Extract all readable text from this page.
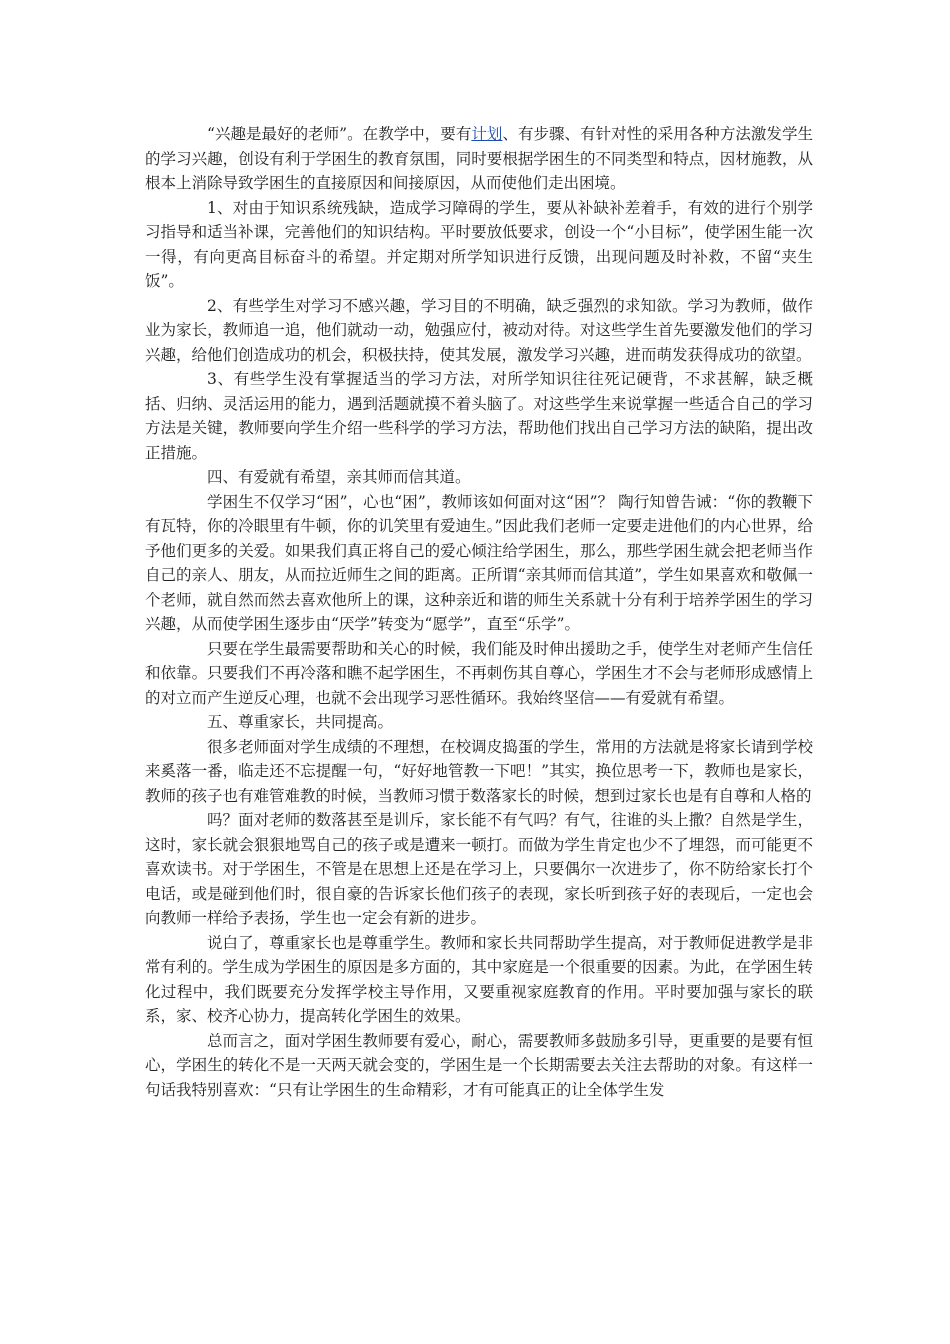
“兴趣是最好的老师”。在教学中，要有计划、有步骤、有针对性的采用各种方法激发学生的学习兴趣，创设有利于学困生的教育氛围，同时要根据学困生的不同类型和特点，因材施教，从根本上消除导致学困生的直接原因和间接原因，从而使他们走出困境。

1、对由于知识系统残缺，造成学习障碍的学生，要从补缺补差着手，有效的进行个别学习指导和适当补课，完善他们的知识结构。平时要放低要求，创设一个“小目标”，使学困生能一次一得，有向更高目标奋斗的希望。并定期对所学知识进行反馈，出现问题及时补救，不留“夹生饭”。

2、有些学生对学习不感兴趣，学习目的不明确，缺乏强烈的求知欲。学习为教师，做作业为家长，教师追一追，他们就动一动，勉强应付，被动对待。对这些学生首先要激发他们的学习兴趣，给他们创造成功的机会，积极扶持，使其发展，激发学习兴趣，进而萌发获得成功的欲望。

3、有些学生没有掌握适当的学习方法，对所学知识往往死记硬背，不求甚解，缺乏概括、归纳、灵活运用的能力，遇到活题就摸不着头脑了。对这些学生来说掌握一些适合自己的学习方法是关键，教师要向学生介绍一些科学的学习方法，帮助他们找出自己学习方法的缺陷，提出改正措施。

四、有爱就有希望，亲其师而信其道。

学困生不仅学习“困”，心也“困”，教师该如何面对这“困”？ 陶行知曾告诫：“你的教鞭下有瓦特，你的冷眼里有牛顿，你的讥笑里有爱迪生。”因此我们老师一定要走进他们的内心世界，给予他们更多的关爱。如果我们真正将自己的爱心倾注给学困生，那么，那些学困生就会把老师当作自己的亲人、朋友，从而拉近师生之间的距离。正所谓“亲其师而信其道”，学生如果喜欢和敬佩一个老师，就自然而然去喜欢他所上的课，这种亲近和谐的师生关系就十分有利于培养学困生的学习兴趣，从而使学困生逐步由“厌学”转变为“愿学”，直至“乐学”。

只要在学生最需要帮助和关心的时候，我们能及时伸出援助之手，使学生对老师产生信任和依靠。只要我们不再冷落和瞧不起学困生，不再刺伤其自尊心，学困生才不会与老师形成感情上的对立而产生逆反心理，也就不会出现学习恶性循环。我始终坚信——有爱就有希望。

五、尊重家长，共同提高。

很多老师面对学生成绩的不理想，在校调皮捣蛋的学生，常用的方法就是将家长请到学校来奚落一番，临走还不忘提醒一句，“好好地管教一下吧！”其实，换位思考一下，教师也是家长，教师的孩子也有难管难教的时候，当教师习惯于数落家长的时候，想到过家长也是有自尊和人格的

吗？面对老师的数落甚至是训斥，家长能不有气吗？有气，往谁的头上撒？自然是学生，这时，家长就会狠狠地骂自己的孩子或是遭来一顿打。而做为学生肯定也少不了埋怨，而可能更不喜欢读书。对于学困生，不管是在思想上还是在学习上，只要偶尔一次进步了，你不防给家长打个电话，或是碰到他们时，很自豪的告诉家长他们孩子的表现，家长听到孩子好的表现后，一定也会向教师一样给予表扬，学生也一定会有新的进步。

说白了，尊重家长也是尊重学生。教师和家长共同帮助学生提高，对于教师促进教学是非常有利的。学生成为学困生的原因是多方面的，其中家庭是一个很重要的因素。为此，在学困生转化过程中，我们既要充分发挥学校主导作用，又要重视家庭教育的作用。平时要加强与家长的联系，家、校齐心协力，提高转化学困生的效果。

总而言之，面对学困生教师要有爱心，耐心，需要教师多鼓励多引导，更重要的是要有恒心，学困生的转化不是一天两天就会变的，学困生是一个长期需要去关注去帮助的对象。有这样一句话我特别喜欢：“只有让学困生的生命精彩，才有可能真正的让全体学生发
